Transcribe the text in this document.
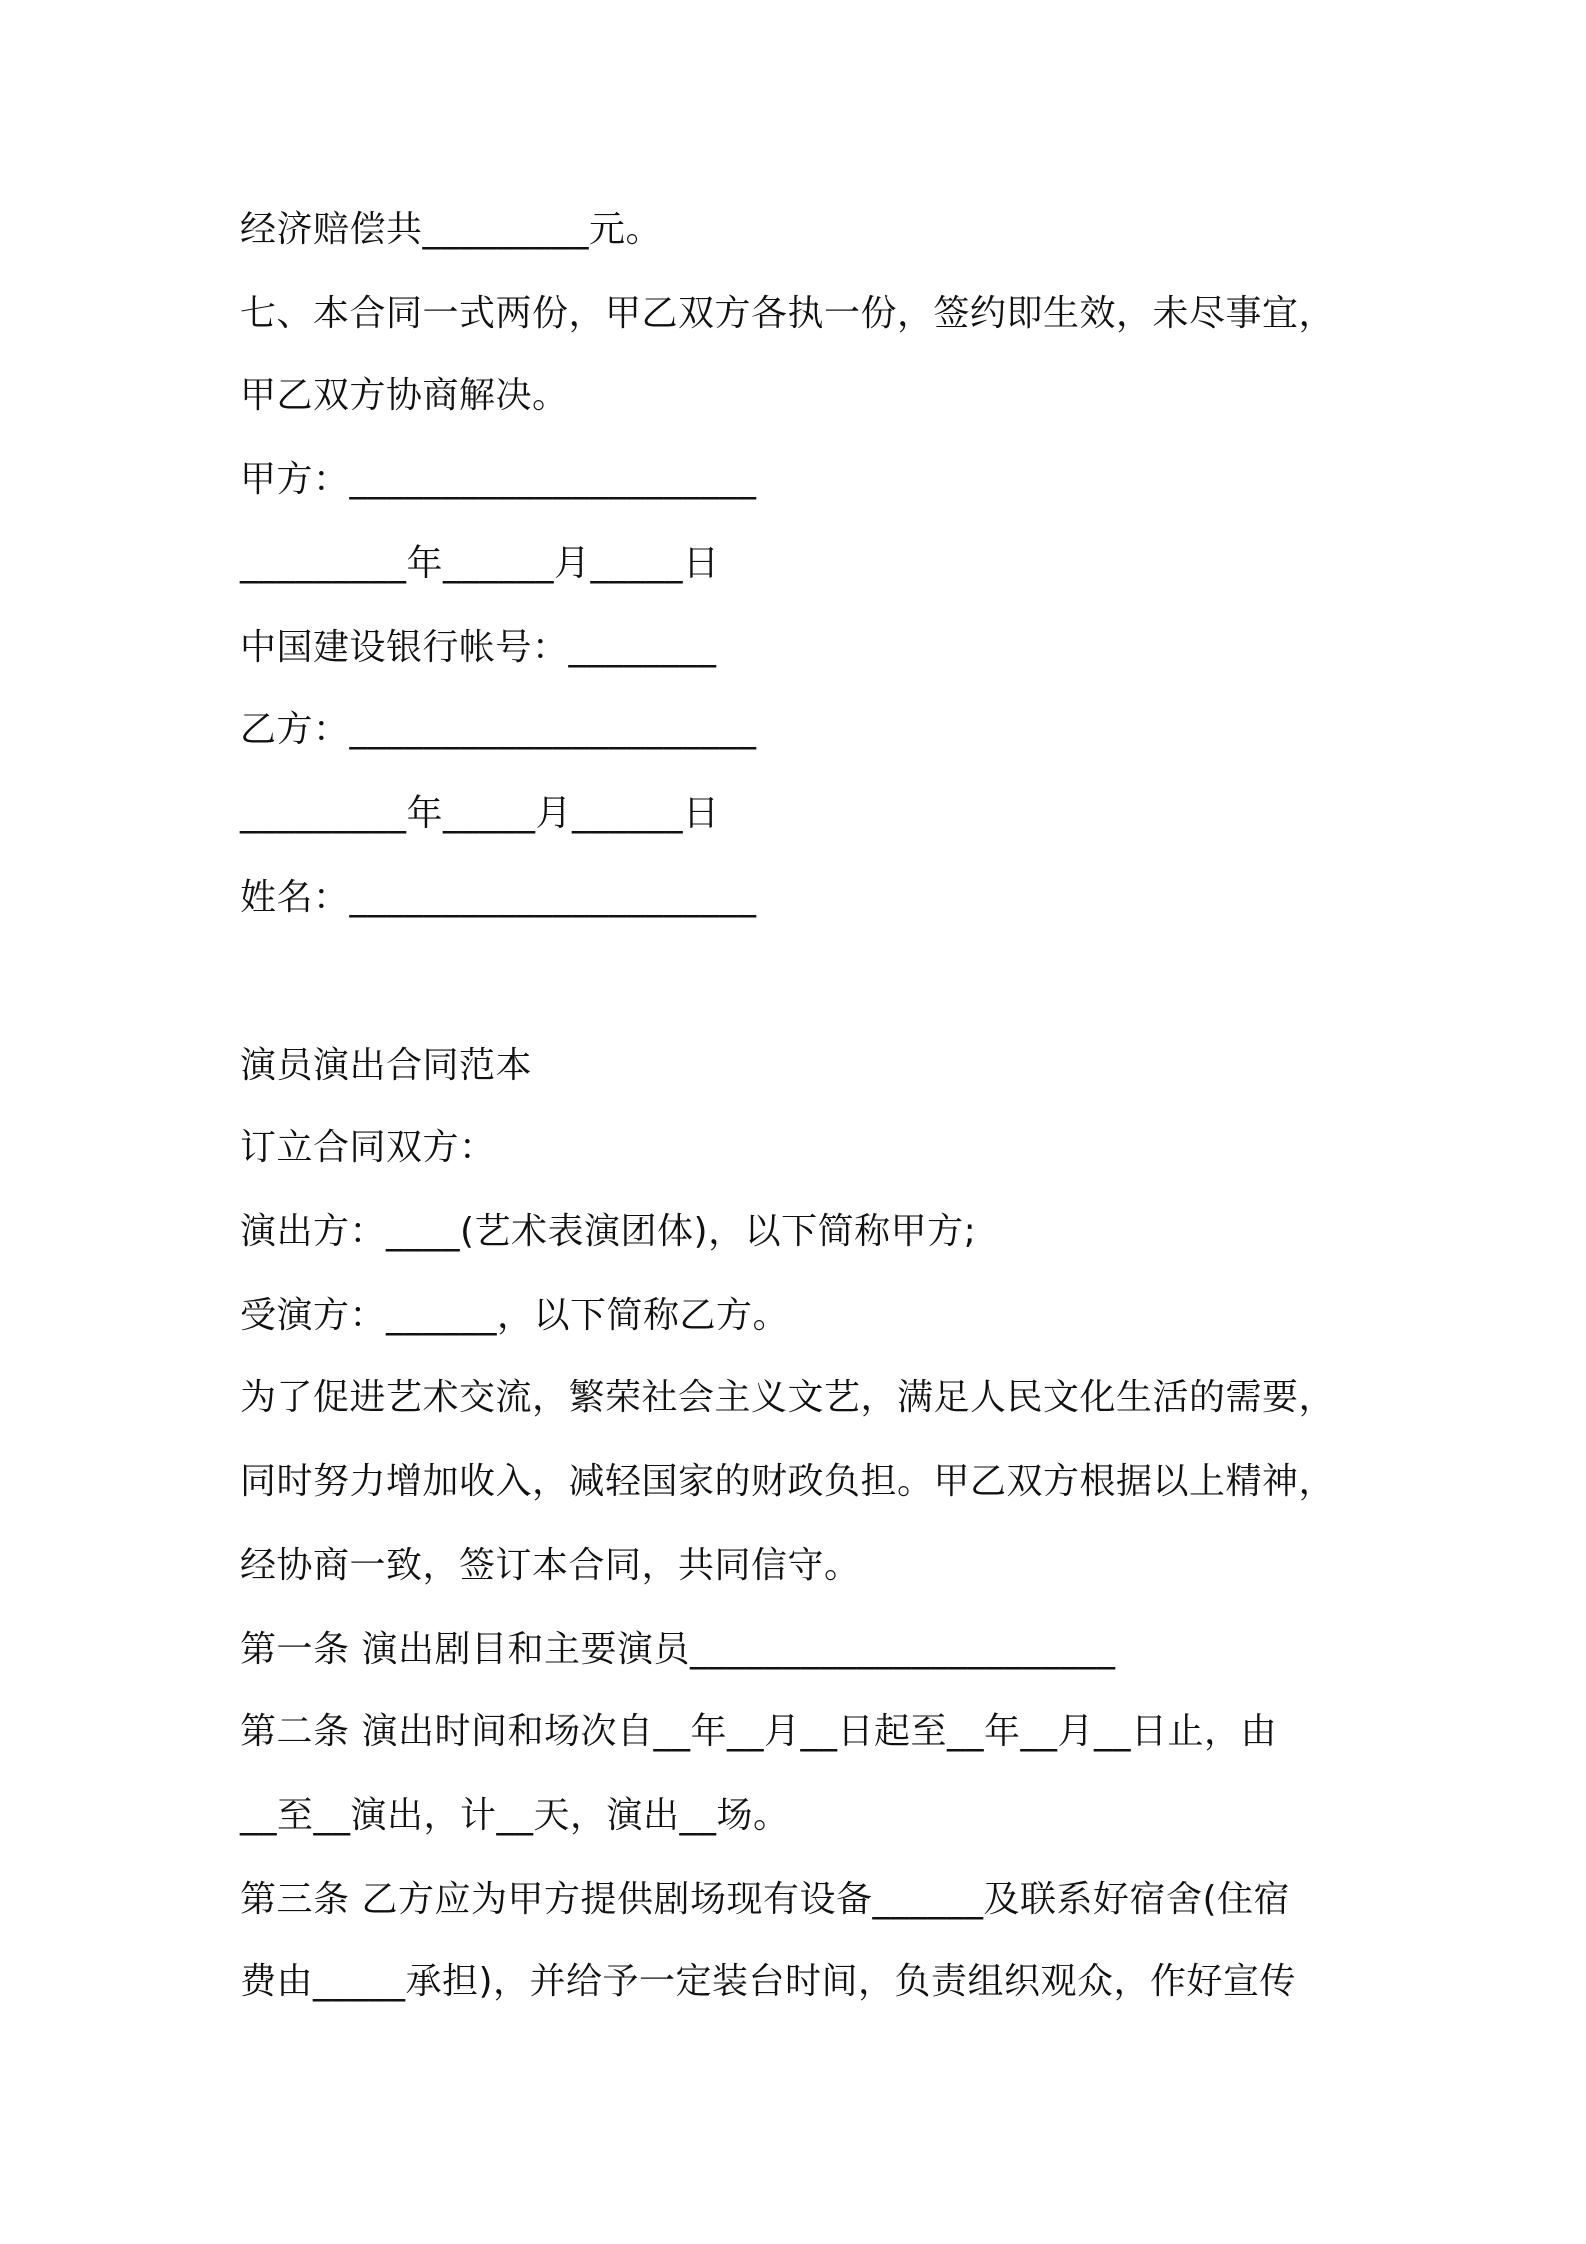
经济赔偿共_________元。
七、本合同一式两份，甲乙双方各执一份，签约即生效，未尽事宜，
甲乙双方协商解决。
甲方：______________________
_________年______月_____日
中国建设银行帐号：________
乙方：______________________
_________年_____月______日
姓名：______________________
演员演出合同范本
订立合同双方：
演出方：____(艺术表演团体)，以下简称甲方;
受演方：______，以下简称乙方。
为了促进艺术交流，繁荣社会主义文艺，满足人民文化生活的需要，
同时努力增加收入，减轻国家的财政负担。甲乙双方根据以上精神，
经协商一致，签订本合同，共同信守。
第一条 演出剧目和主要演员_______________________
第二条 演出时间和场次自__年__月__日起至__年__月__日止，由
__至__演出，计__天，演出__场。
第三条 乙方应为甲方提供剧场现有设备______及联系好宿舍(住宿
费由_____承担)，并给予一定装台时间，负责组织观众，作好宣传
